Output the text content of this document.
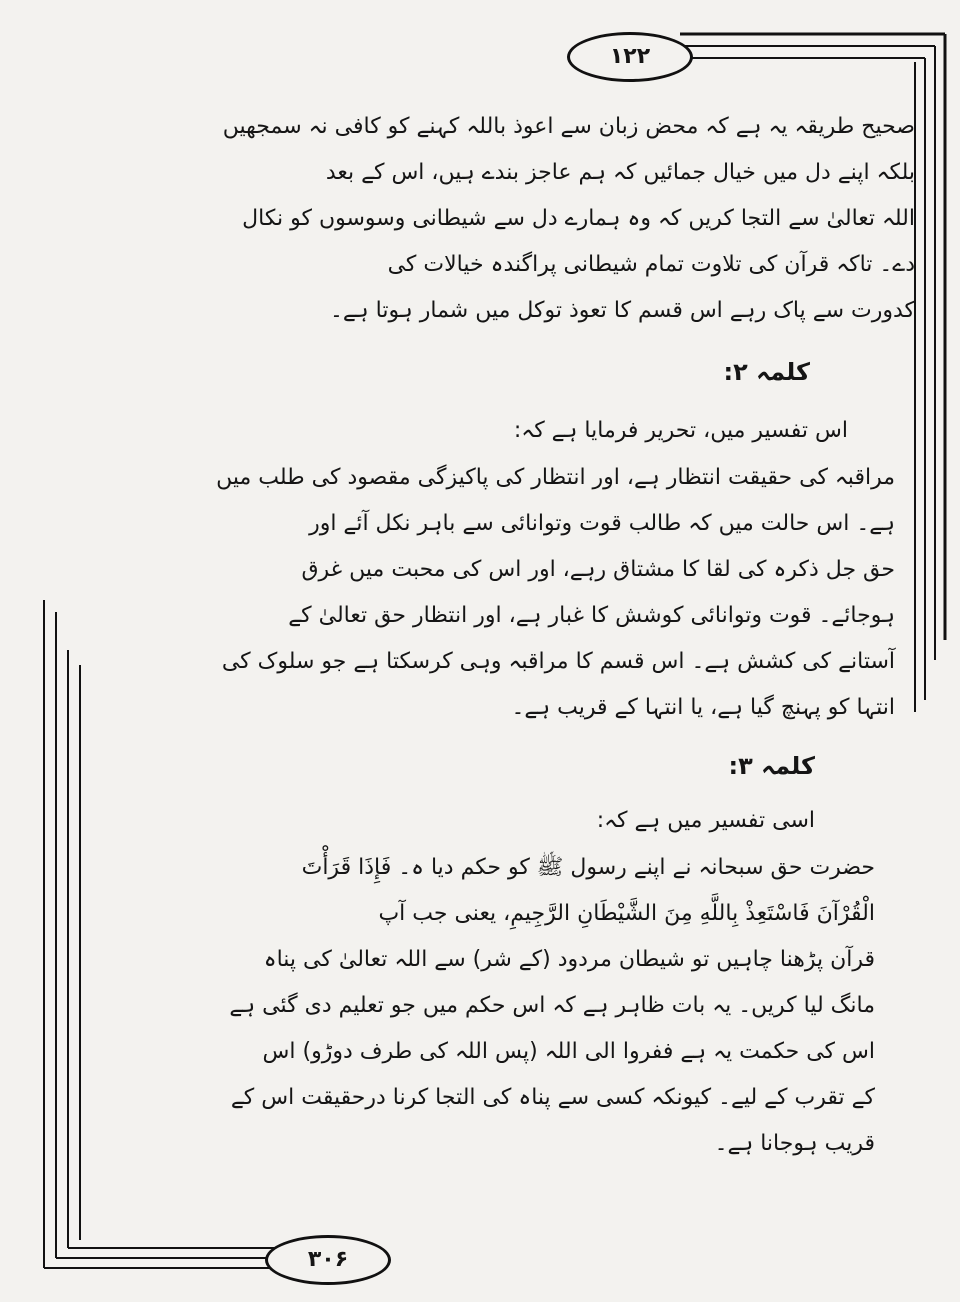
۱۲۲
۳۰۶
صحیح طریقہ یہ ہے کہ محض زبان سے اعوذ باللہ کہنے کو کافی نہ سمجھیں
بلکہ اپنے دل میں خیال جمائیں کہ ہم عاجز بندے ہیں، اس کے بعد
اللہ تعالیٰ سے التجا کریں کہ وہ ہمارے دل سے شیطانی وسوسوں کو نکال
دے۔ تاکہ قرآن کی تلاوت تمام شیطانی پراگندہ خیالات کی
کدورت سے پاک رہے اس قسم کا تعوذ توکل میں شمار ہوتا ہے۔
کلمہ ۲:
اس تفسیر میں، تحریر فرمایا ہے کہ:
مراقبہ کی حقیقت انتظار ہے، اور انتظار کی پاکیزگی مقصود کی طلب میں
ہے۔ اس حالت میں کہ طالب قوت وتوانائی سے باہر نکل آئے اور
حق جل ذکرہ کی لقا کا مشتاق رہے، اور اس کی محبت میں غرق
ہوجائے۔ قوت وتوانائی کوشش کا غبار ہے، اور انتظار حق تعالیٰ کے
آستانے کی کشش ہے۔ اس قسم کا مراقبہ وہی کرسکتا ہے جو سلوک کی
انتہا کو پہنچ گیا ہے، یا انتہا کے قریب ہے۔
کلمہ ۳:
اسی تفسیر میں ہے کہ:
حضرت حق سبحانہ نے اپنے رسول ﷺ کو حکم دیا ہ۔ فَإِذَا قَرَأْتَ
الْقُرْآنَ فَاسْتَعِذْ بِاللَّهِ مِنَ الشَّيْطَانِ الرَّجِيمِ، یعنی جب آپ
قرآن پڑھنا چاہیں تو شیطان مردود (کے شر) سے اللہ تعالیٰ کی پناہ
مانگ لیا کریں۔ یہ بات ظاہر ہے کہ اس حکم میں جو تعلیم دی گئی ہے
اس کی حکمت یہ ہے ففروا الی اللہ (پس اللہ کی طرف دوڑو) اس
کے تقرب کے لیے۔ کیونکہ کسی سے پناہ کی التجا کرنا درحقیقت اس کے
قریب ہوجانا ہے۔
